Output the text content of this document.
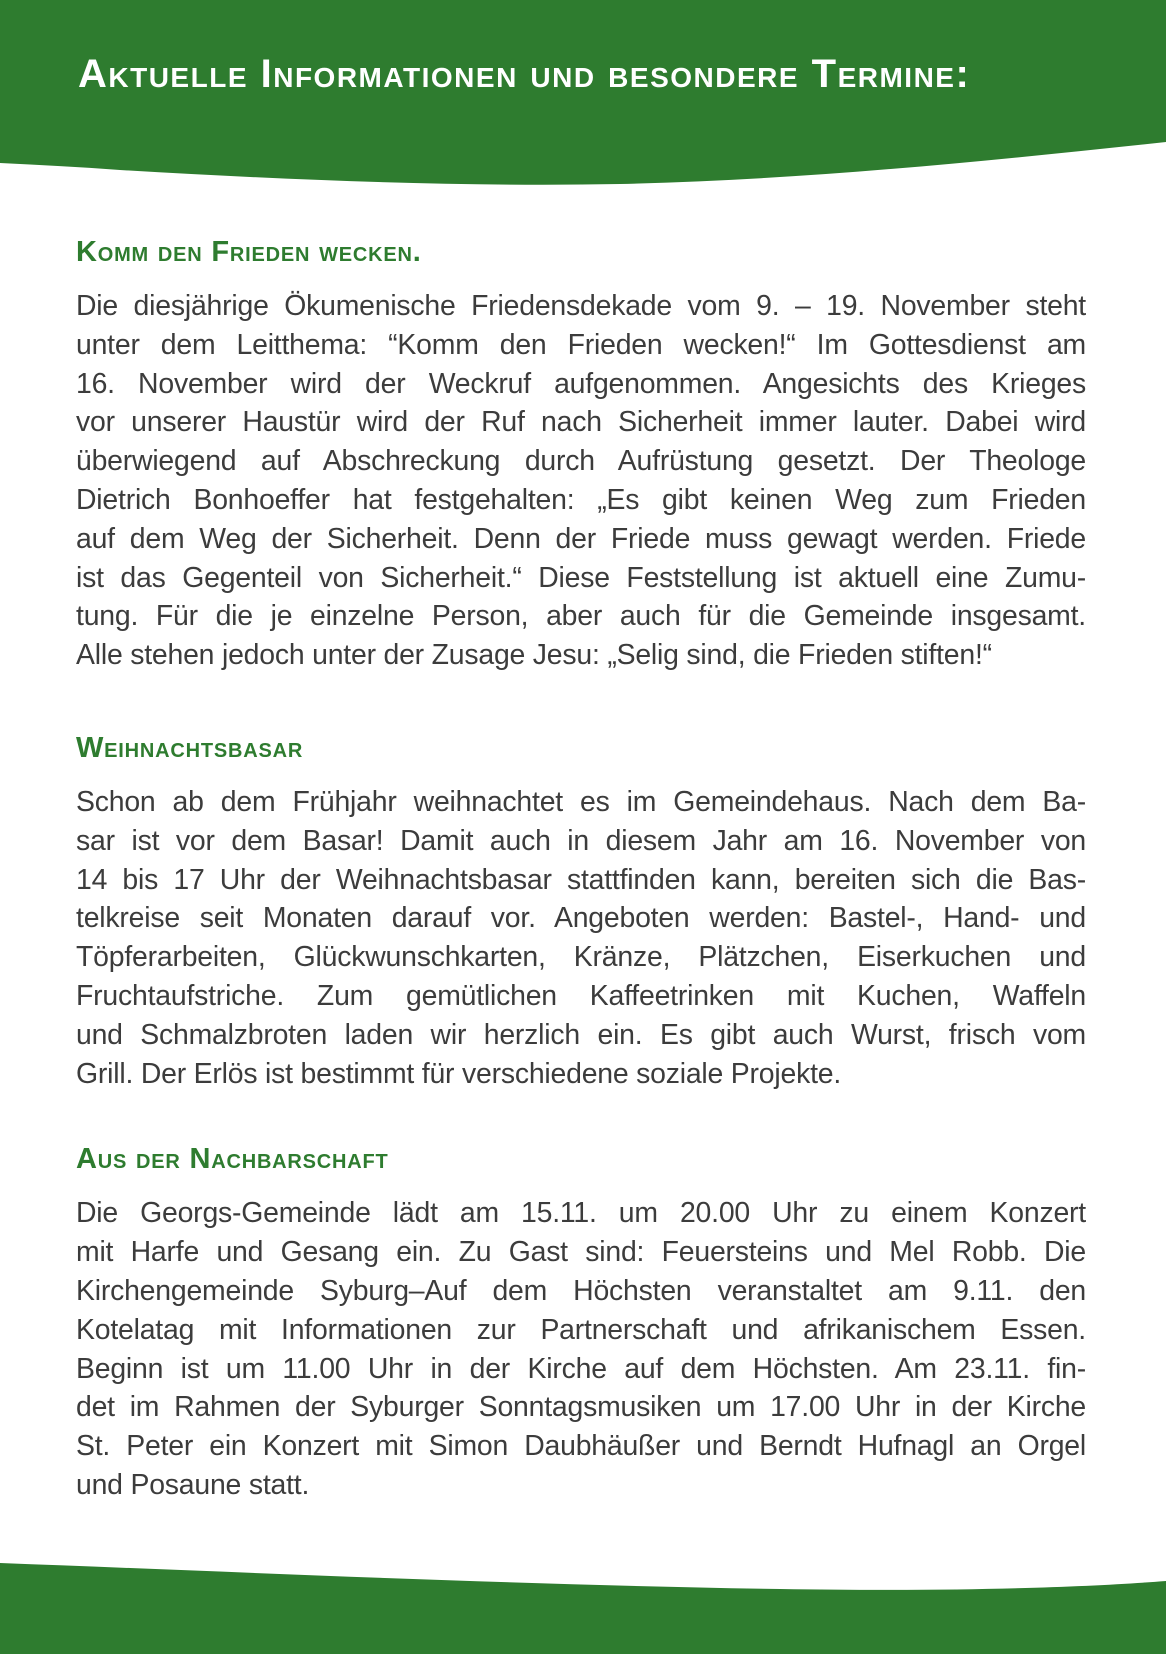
Aktuelle Informationen und besondere Termine:
Komm den Frieden wecken.
Die diesjährige Ökumenische Friedensdekade vom 9. – 19. November steht
unter dem Leitthema: “Komm den Frieden wecken!“ Im Gottesdienst am
16. November wird der Weckruf aufgenommen. Angesichts des Krieges
vor unserer Haustür wird der Ruf nach Sicherheit immer lauter. Dabei wird
überwiegend auf Abschreckung durch Aufrüstung gesetzt. Der Theologe
Dietrich Bonhoeffer hat festgehalten: „Es gibt keinen Weg zum Frieden
auf dem Weg der Sicherheit. Denn der Friede muss gewagt werden. Friede
ist das Gegenteil von Sicherheit.“ Diese Feststellung ist aktuell eine Zumu-
tung. Für die je einzelne Person, aber auch für die Gemeinde insgesamt.
Alle stehen jedoch unter der Zusage Jesu: „Selig sind, die Frieden stiften!“
Weihnachtsbasar
Schon ab dem Frühjahr weihnachtet es im Gemeindehaus. Nach dem Ba-
sar ist vor dem Basar! Damit auch in diesem Jahr am 16. November von
14 bis 17 Uhr der Weihnachtsbasar stattfinden kann, bereiten sich die Bas-
telkreise seit Monaten darauf vor. Angeboten werden: Bastel-, Hand- und
Töpferarbeiten, Glückwunschkarten, Kränze, Plätzchen, Eiserkuchen und
Fruchtaufstriche. Zum gemütlichen Kaffeetrinken mit Kuchen, Waffeln
und Schmalzbroten laden wir herzlich ein. Es gibt auch Wurst, frisch vom
Grill. Der Erlös ist bestimmt für verschiedene soziale Projekte.
Aus der Nachbarschaft
Die Georgs-Gemeinde lädt am 15.11. um 20.00 Uhr zu einem Konzert
mit Harfe und Gesang ein. Zu Gast sind: Feuersteins und Mel Robb. Die
Kirchengemeinde Syburg–Auf dem Höchsten veranstaltet am 9.11. den
Kotelatag mit Informationen zur Partnerschaft und afrikanischem Essen.
Beginn ist um 11.00 Uhr in der Kirche auf dem Höchsten. Am 23.11. fin-
det im Rahmen der Syburger Sonntagsmusiken um 17.00 Uhr in der Kirche
St. Peter ein Konzert mit Simon Daubhäußer und Berndt Hufnagl an Orgel
und Posaune statt.
